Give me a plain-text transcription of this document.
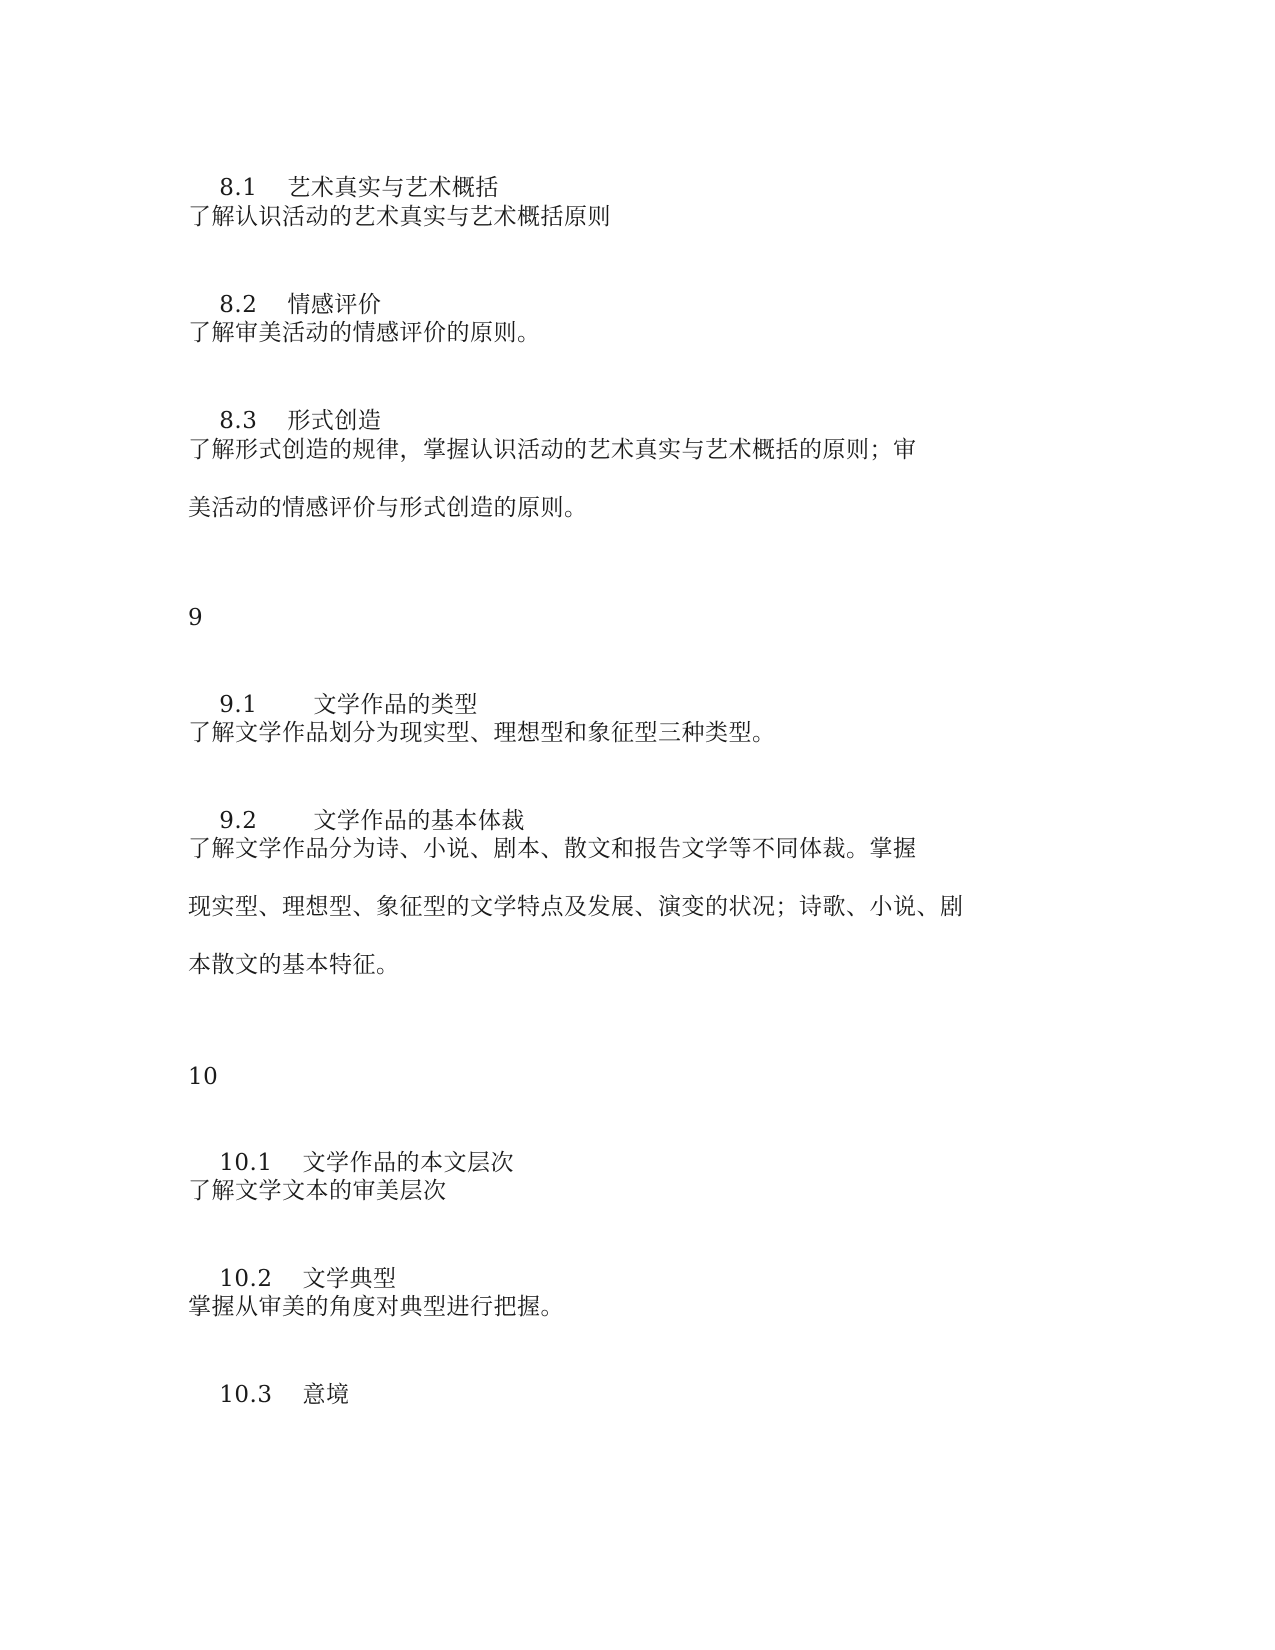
8.1 艺术真实与艺术概括

了解认识活动的艺术真实与艺术概括原则

8.2 情感评价

了解审美活动的情感评价的原则。

8.3 形式创造

了解形式创造的规律，掌握认识活动的艺术真实与艺术概括的原则；审
美活动的情感评价与形式创造的原则。
9

9.1 文学作品的类型

了解文学作品划分为现实型、理想型和象征型三种类型。

9.2 文学作品的基本体裁

了解文学作品分为诗、小说、剧本、散文和报告文学等不同体裁。掌握
现实型、理想型、象征型的文学特点及发展、演变的状况；诗歌、小说、剧
本散文的基本特征。
10

10.1 文学作品的本文层次

了解文学文本的审美层次

10.2 文学典型

掌握从审美的角度对典型进行把握。

10.3 意境
